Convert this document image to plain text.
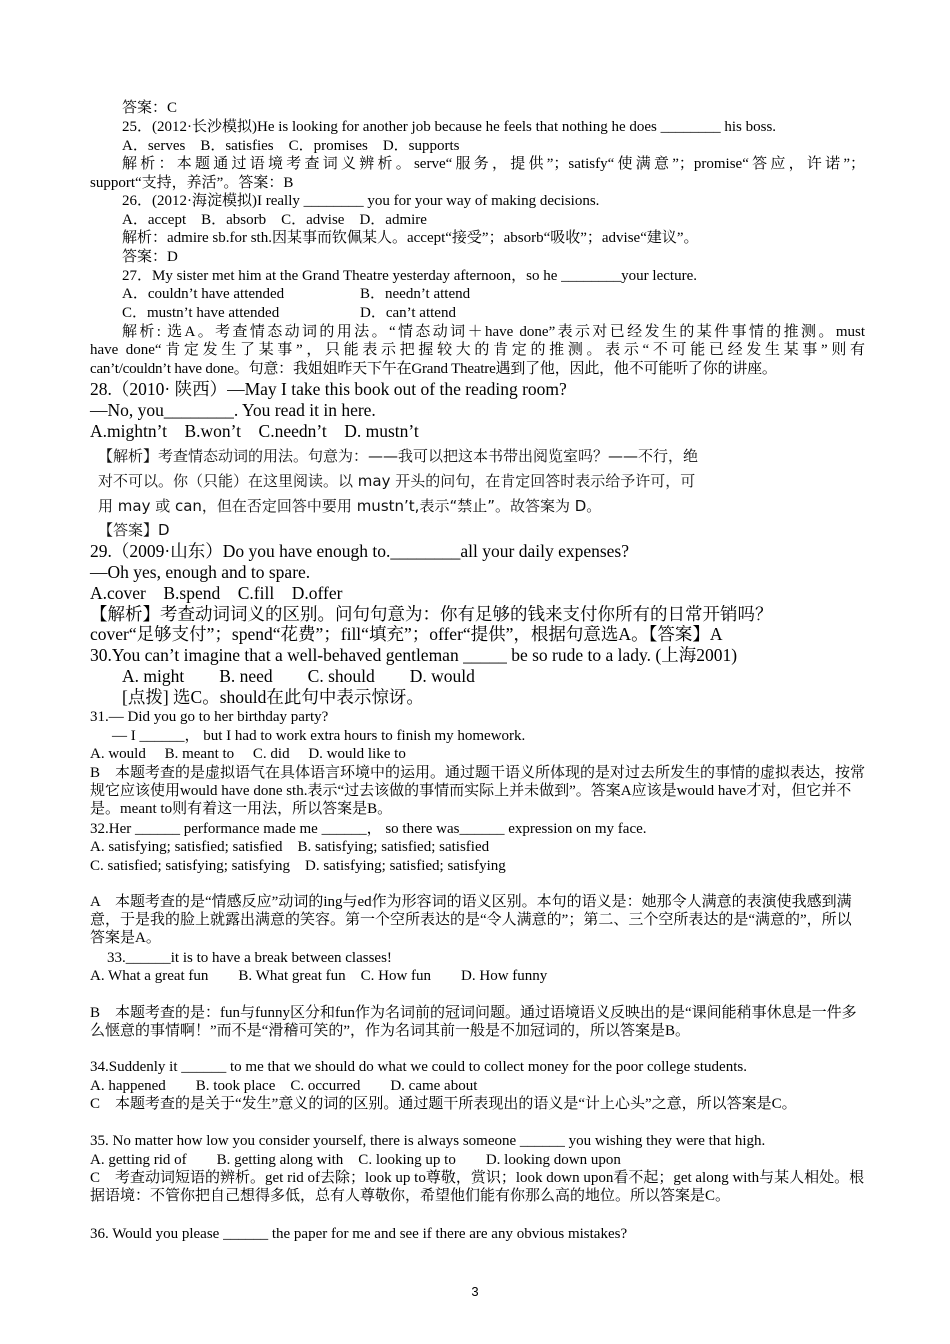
答案：C
25．(2012·长沙模拟)He is looking for another job because he feels that nothing he does ________ his boss.
A．serves　B．satisfies　C．promises　D．supports
解析：本题通过语境考查词义辨析。serve“服务，提供”；satisfy“使满意”；promise“答应，许诺”；
support“支持，养活”。答案：B
26．(2012·海淀模拟)I really ________ you for your way of making decisions.
A．accept　B．absorb　C．advise　D．admire
解析：admire sb.for sth.因某事而钦佩某人。accept“接受”；absorb“吸收”；advise“建议”。
答案：D
27．My sister met him at the Grand Theatre yesterday afternoon，so he ________your lecture.
A．couldn’t have attended	B．needn’t attend
C．mustn’t have attended	D．can’t attend
解析: 选A。考查情态动词的用法。“情态动词＋have done”表示对已经发生的某件事情的推测。must
have done“肯定发生了某事”，只能表示把握较大的肯定的推测。表示“不可能已经发生某事”则有
can’t/couldn’t have done。句意：我姐姐昨天下午在Grand Theatre遇到了他，因此，他不可能听了你的讲座。
28.（2010· 陕西）—May I take this book out of the reading room?
—No, you________. You read it in here.
A.mightn’t　B.won’t　C.needn’t　D. mustn’t
【解析】考查情态动词的用法。句意为：——我可以把这本书带出阅览室吗？——不行，绝
对不可以。你（只能）在这里阅读。以 may 开头的问句，在肯定回答时表示给予许可，可
用 may 或 can，但在否定回答中要用 mustn’t,表示“禁止”。故答案为 D。
【答案】D
29.（2009·山东）Do you have enough to.________all your daily expenses?
—Oh yes, enough and to spare.
A.cover　B.spend　C.fill　D.offer
【解析】考查动词词义的区别。问句句意为：你有足够的钱来支付你所有的日常开销吗？
cover“足够支付”；spend“花费”；fill“填充”；offer“提供”，根据句意选A。【答案】A
30.You can’t imagine that a well-behaved gentleman _____ be so rude to a lady. (上海2001)
A. might　　B. need　　C. should　　D. would
[点拨] 选C。should在此句中表示惊讶。
31.— Did you go to her birthday party?
— I ______， but I had to work extra hours to finish my homework.
A. would　 B. meant to　 C. did　 D. would like to
B　本题考查的是虚拟语气在具体语言环境中的运用。通过题干语义所体现的是对过去所发生的事情的虚拟表达，按常规它应该使用would have done sth.表示“过去该做的事情而实际上并未做到”。答案A应该是would have才对，但它并不是。meant to则有着这一用法，所以答案是B。
32.Her ______ performance made me ______， so there was______ expression on my face.
A. satisfying; satisfied; satisfied　B. satisfying; satisfied; satisfied
C. satisfied; satisfying; satisfying　D. satisfying; satisfied; satisfying
A　本题考查的是“情感反应”动词的ing与ed作为形容词的语义区别。本句的语义是：她那令人满意的表演使我感到满意，于是我的脸上就露出满意的笑容。第一个空所表达的是“令人满意的”；第二、三个空所表达的是“满意的”，所以答案是A。
33.______it is to have a break between classes!
A. What a great fun　　B. What great fun　C. How fun　　D. How funny
B　本题考查的是：fun与funny区分和fun作为名词前的冠词问题。通过语境语义反映出的是“课间能稍事休息是一件多么惬意的事情啊！”而不是“滑稽可笑的”，作为名词其前一般是不加冠词的，所以答案是B。
34.Suddenly it ______ to me that we should do what we could to collect money for the poor college students.
A. happened　　B. took place　C. occurred　　D. came about
C　本题考查的是关于“发生”意义的词的区别。通过题干所表现出的语义是“计上心头”之意，所以答案是C。
35. No matter how low you consider yourself, there is always someone ______ you wishing they were that high.
A. getting rid of　　B. getting along with　C. looking up to　　D. looking down upon
C　考查动词短语的辨析。get rid of去除；look up to尊敬，赏识；look down upon看不起；get along with与某人相处。根据语境：不管你把自己想得多低，总有人尊敬你，希望他们能有你那么高的地位。所以答案是C。
36. Would you please ______ the paper for me and see if there are any obvious mistakes?
3
